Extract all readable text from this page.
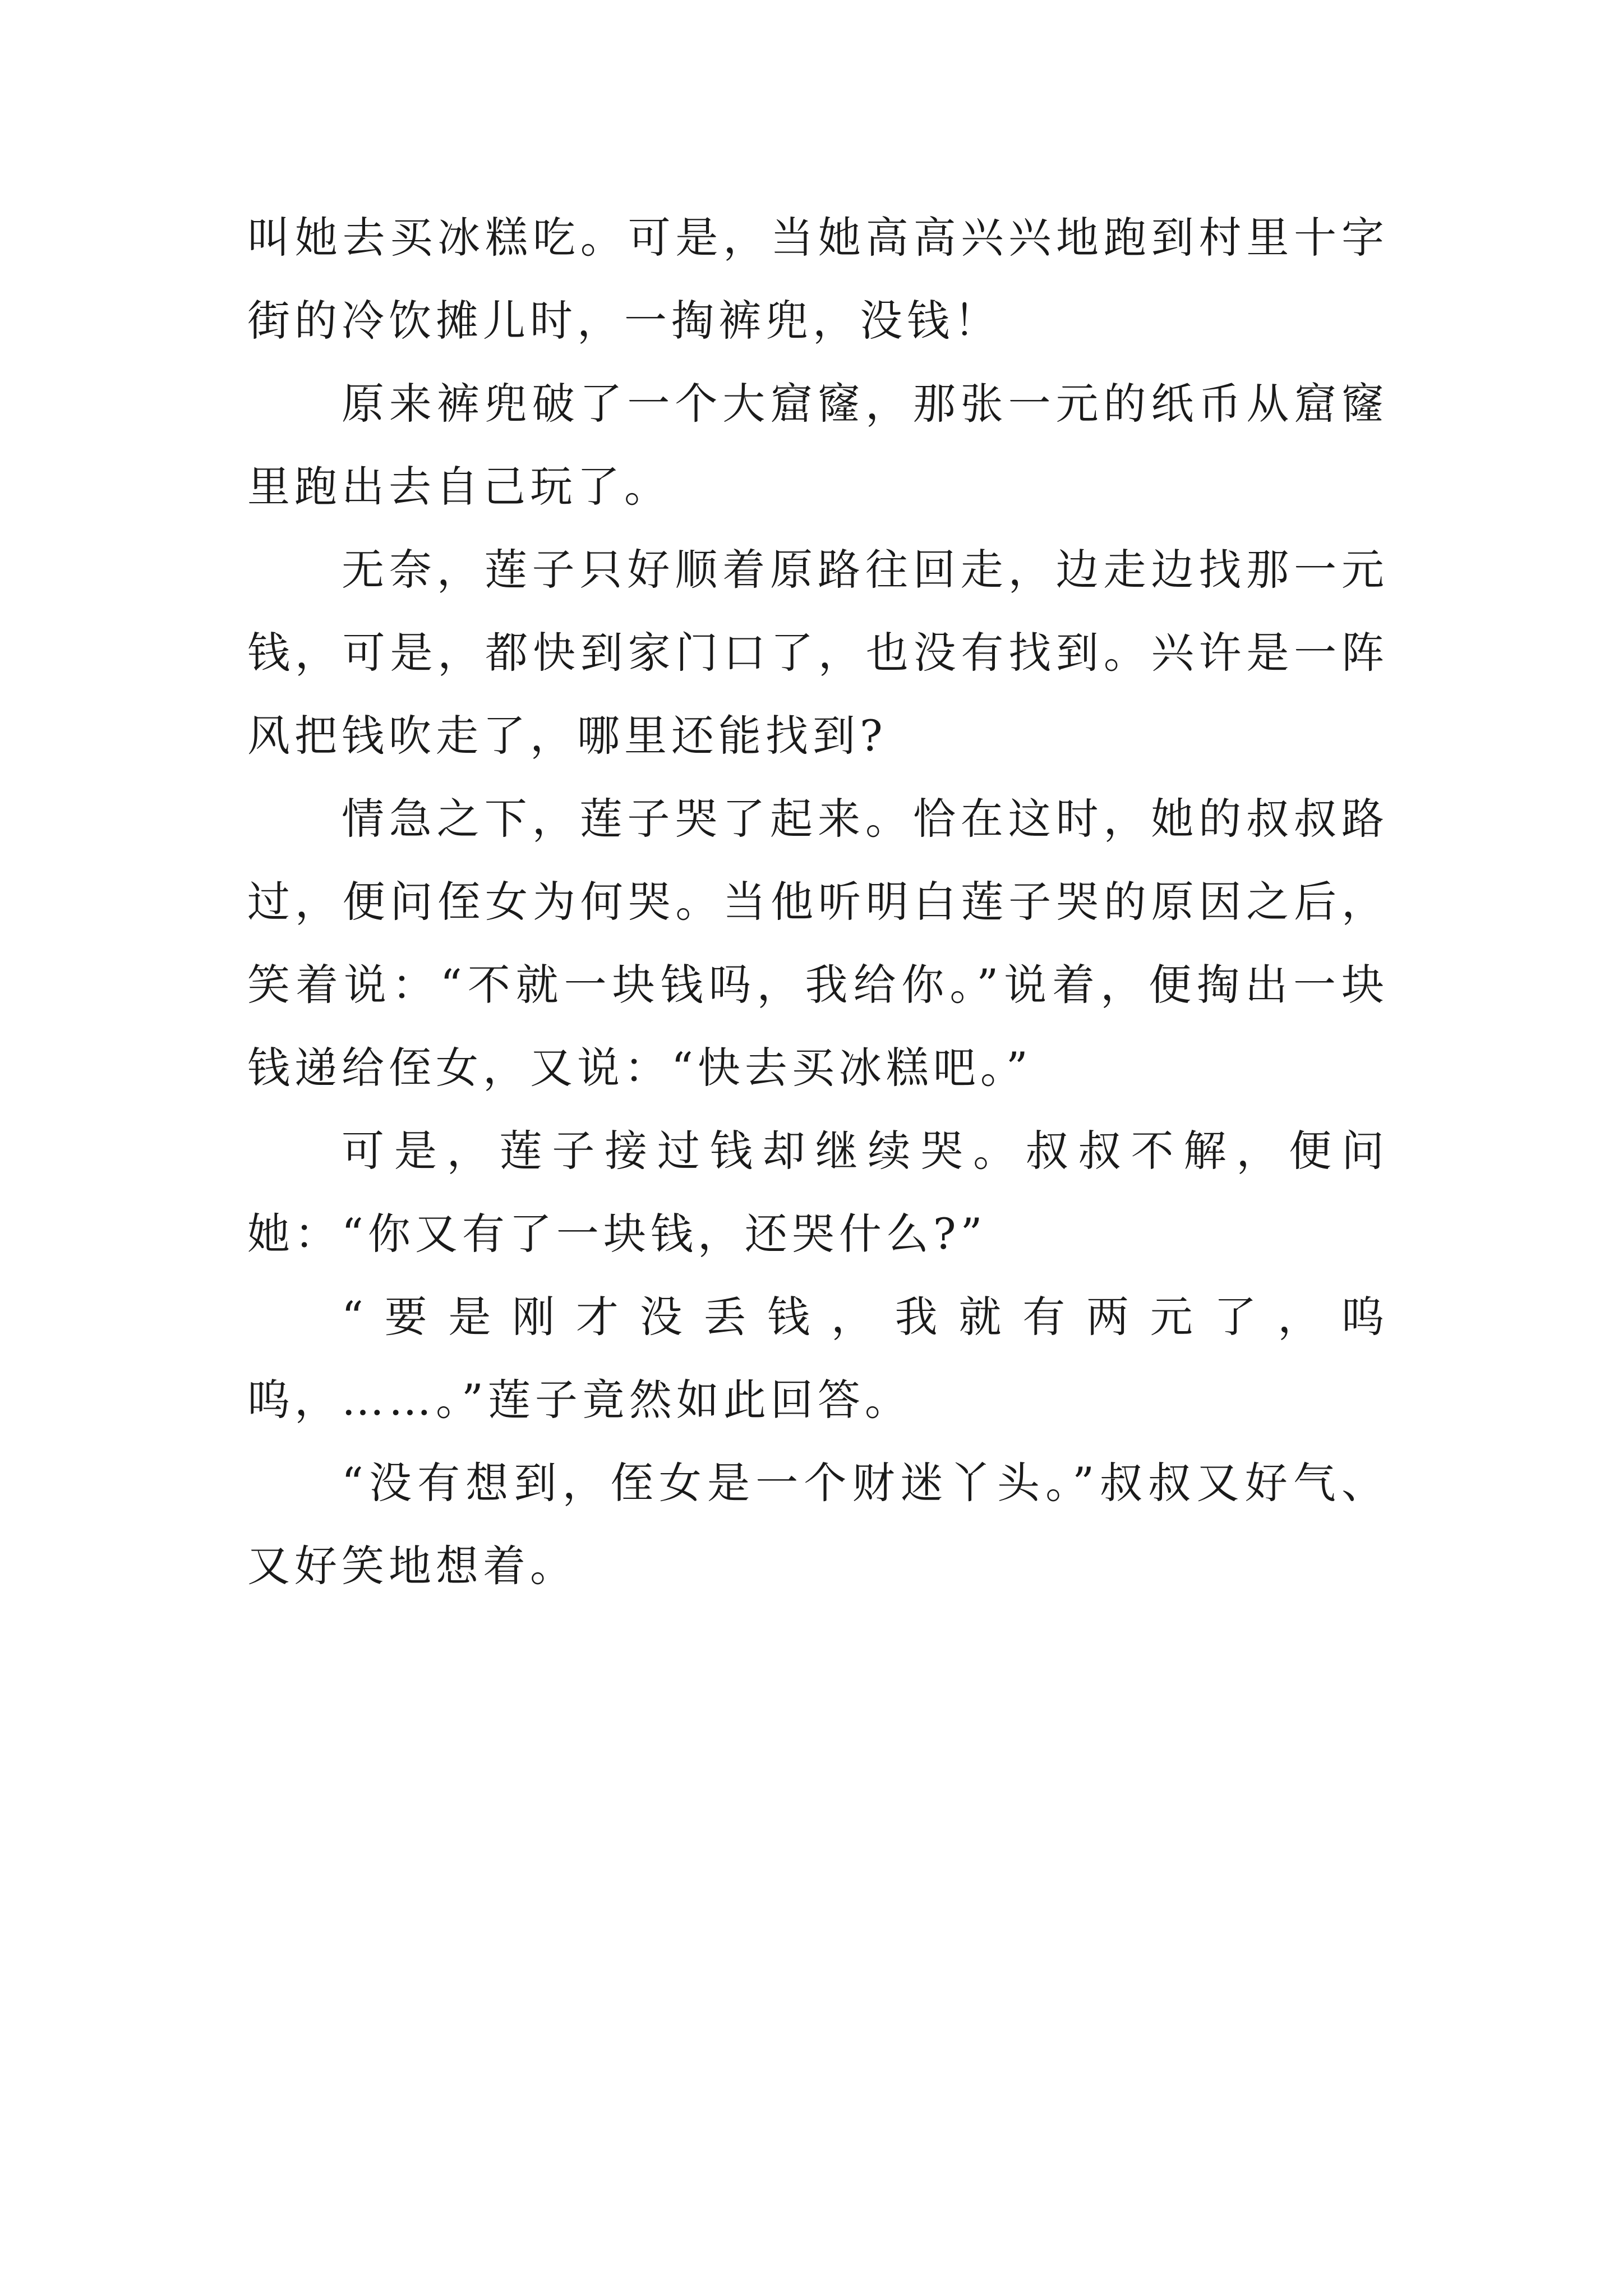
叫她去买冰糕吃。可是，当她高高兴兴地跑到村里十字街的冷饮摊儿时，一掏裤兜，没钱！

原来裤兜破了一个大窟窿，那张一元的纸币从窟窿里跑出去自己玩了。

无奈，莲子只好顺着原路往回走，边走边找那一元钱，可是，都快到家门口了，也没有找到。兴许是一阵风把钱吹走了，哪里还能找到?

情急之下，莲子哭了起来。恰在这时，她的叔叔路过，便问侄女为何哭。当他听明白莲子哭的原因之后，笑着说：“不就一块钱吗，我给你。”说着，便掏出一块钱递给侄女，又说：“快去买冰糕吧。”

可是，莲子接过钱却继续哭。叔叔不解，便问她：“你又有了一块钱，还哭什么?”

“要是刚才没丢钱，我就有两元了，呜呜，……。”莲子竟然如此回答。

“没有想到，侄女是一个财迷丫头。”叔叔又好气、又好笑地想着。
